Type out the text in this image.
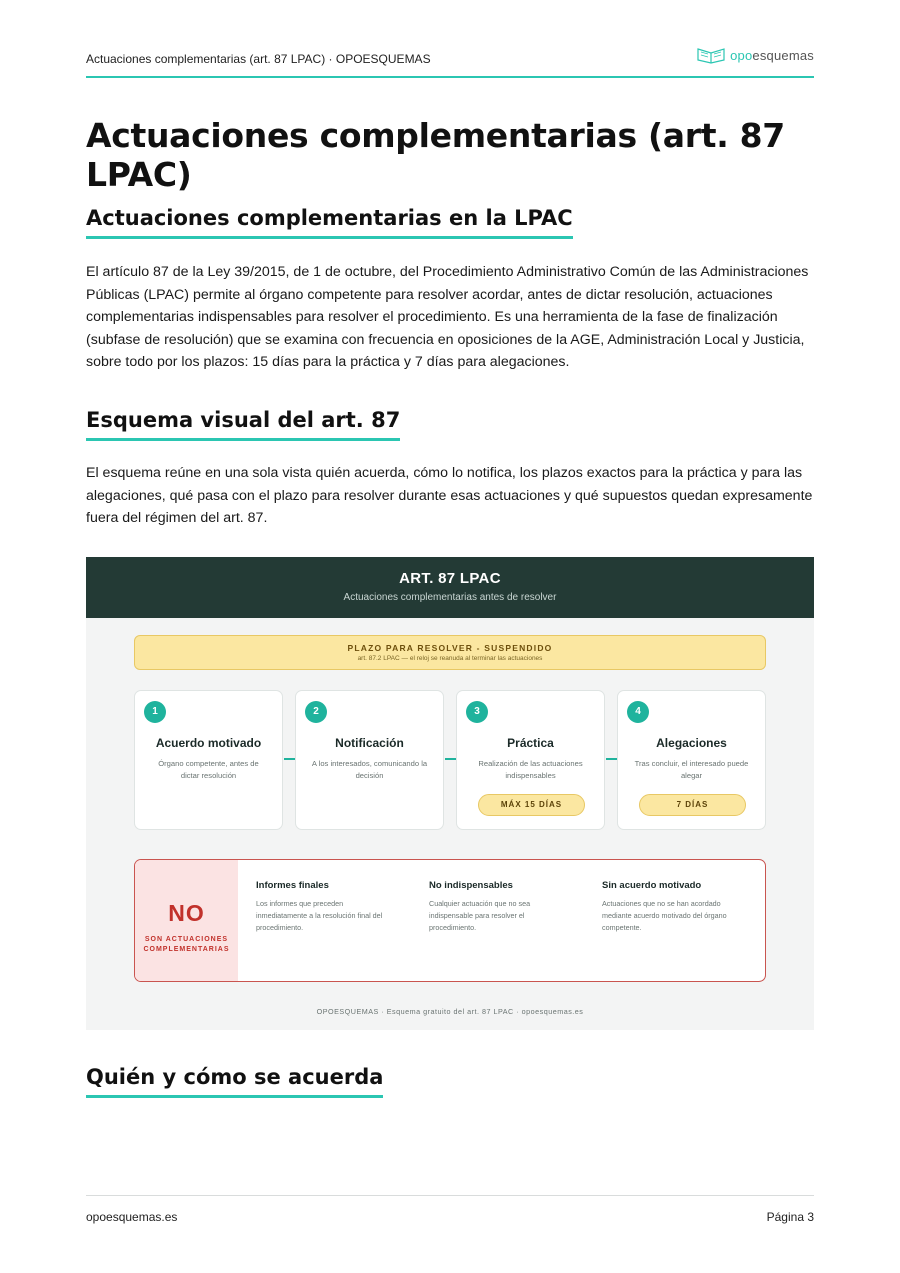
Actuaciones complementarias (art. 87 LPAC) · OPOESQUEMAS	opoesquemas
Actuaciones complementarias (art. 87 LPAC)
Actuaciones complementarias en la LPAC

El artículo 87 de la Ley 39/2015, de 1 de octubre, del Procedimiento Administrativo Común de las Administraciones Públicas (LPAC) permite al órgano competente para resolver acordar, antes de dictar resolución, actuaciones complementarias indispensables para resolver el procedimiento. Es una herramienta de la fase de finalización (subfase de resolución) que se examina con frecuencia en oposiciones de la AGE, Administración Local y Justicia, sobre todo por los plazos: 15 días para la práctica y 7 días para alegaciones.

Esquema visual del art. 87

El esquema reúne en una sola vista quién acuerda, cómo lo notifica, los plazos exactos para la práctica y para las alegaciones, qué pasa con el plazo para resolver durante esas actuaciones y qué supuestos quedan expresamente fuera del régimen del art. 87.

ART. 87 LPAC
Actuaciones complementarias antes de resolver
PLAZO PARA RESOLVER - SUSPENDIDO
art. 87.2 LPAC — el reloj se reanuda al terminar las actuaciones
1
Acuerdo motivado
Órgano competente, antes de dictar resolución
2
Notificación
A los interesados, comunicando la decisión
3
Práctica
Realización de las actuaciones indispensables
MÁX 15 DÍAS
4
Alegaciones
Tras concluir, el interesado puede alegar
7 DÍAS
NO
SON ACTUACIONES COMPLEMENTARIAS
Informes finales
Los informes que preceden inmediatamente a la resolución final del procedimiento.
No indispensables
Cualquier actuación que no sea indispensable para resolver el procedimiento.
Sin acuerdo motivado
Actuaciones que no se han acordado mediante acuerdo motivado del órgano competente.
OPOESQUEMAS · Esquema gratuito del art. 87 LPAC · opoesquemas.es
Quién y cómo se acuerda
opoesquemas.es	Página 3
